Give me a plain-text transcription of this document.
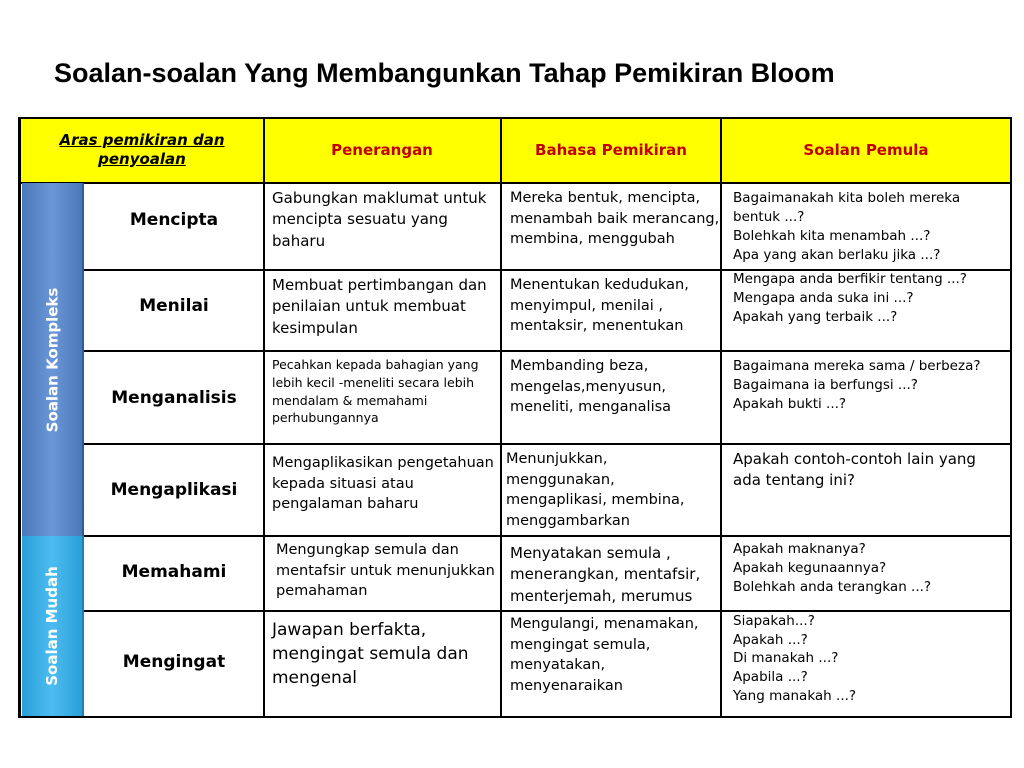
Soalan-soalan Yang Membangunkan Tahap Pemikiran Bloom
Aras pemikiran dan penyoalan
Penerangan	Bahasa Pemikiran	Soalan Pemula
Soalan Kompleks
Soalan Mudah
Mencipta
Gabungkan maklumat untuk mencipta sesuatu yang baharu
Mereka bentuk, mencipta, menambah baik merancang, membina, menggubah
Bagaimanakah kita boleh mereka bentuk ...?
Bolehkah kita menambah ...?
Apa yang akan berlaku jika ...?
Menilai
Membuat pertimbangan dan penilaian untuk membuat kesimpulan
Menentukan kedudukan, menyimpul, menilai , mentaksir, menentukan
Mengapa anda berfikir tentang ...?
Mengapa anda suka ini ...?
Apakah yang terbaik ...?
Menganalisis
Pecahkan kepada bahagian yang lebih kecil -meneliti secara lebih mendalam & memahami perhubungannya
Membanding beza, mengelas,menyusun, meneliti, menganalisa
Bagaimana mereka sama / berbeza?
Bagaimana ia berfungsi ...?
Apakah bukti ...?
Mengaplikasi
Mengaplikasikan pengetahuan kepada situasi atau pengalaman baharu
Menunjukkan, menggunakan, mengaplikasi, membina, menggambarkan
Apakah contoh-contoh lain yang ada tentang ini?
Memahami
Mengungkap semula dan mentafsir untuk menunjukkan pemahaman
Menyatakan semula , menerangkan, mentafsir, menterjemah, merumus
Apakah maknanya?
Apakah kegunaannya?
Bolehkah anda terangkan ...?
Mengingat
Jawapan berfakta, mengingat semula dan mengenal
Mengulangi, menamakan, mengingat semula, menyatakan, menyenaraikan
Siapakah...?
Apakah ...?
Di manakah ...?
Apabila ...?
Yang manakah ...?
